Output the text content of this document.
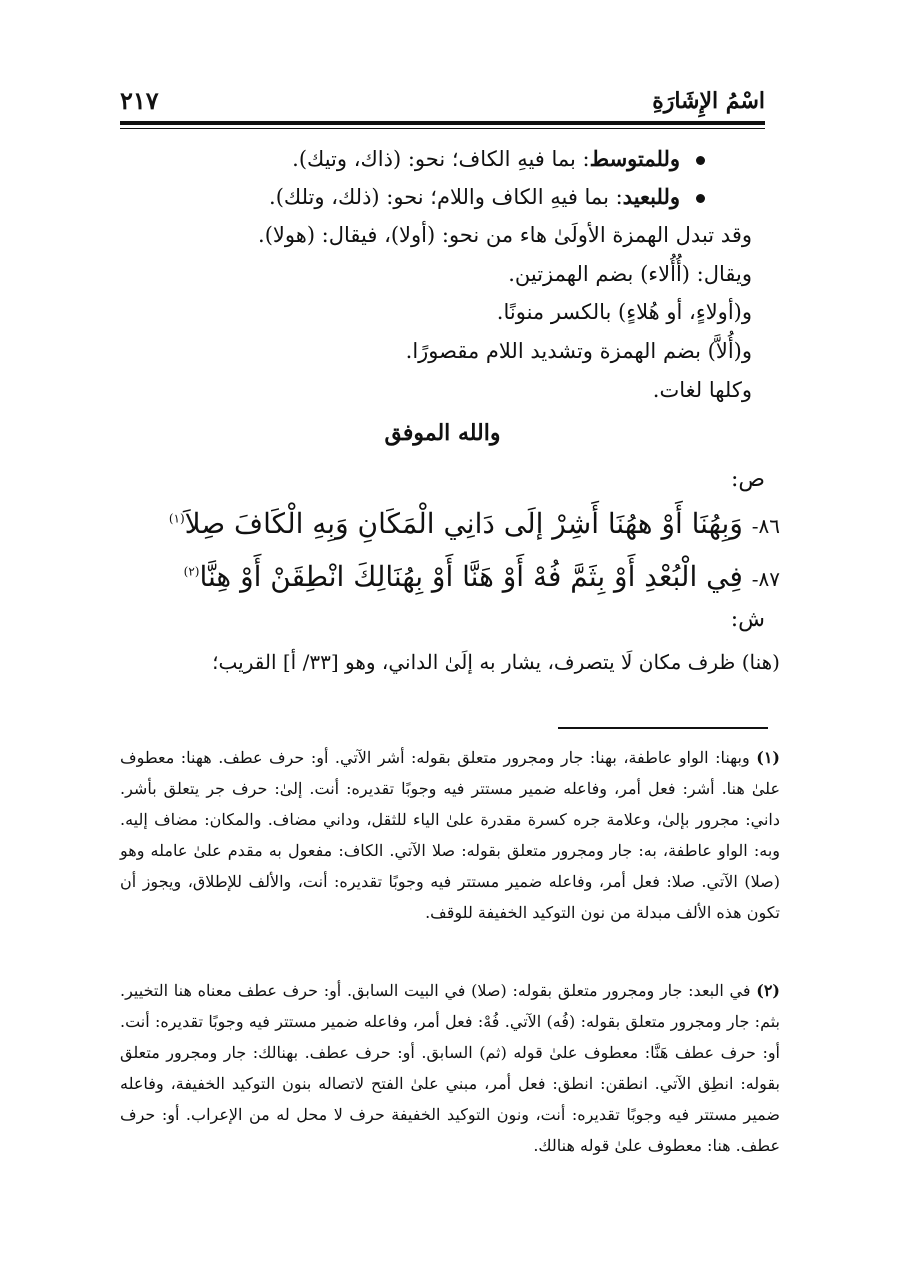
اسْمُ الإِشَارَةِ
٢١٧
وللمتوسط: بما فيهِ الكاف؛ نحو: (ذاك، وتيك).
وللبعيد: بما فيهِ الكاف واللام؛ نحو: (ذلك، وتلك).
وقد تبدل الهمزة الأولَىٰ هاء من نحو: (أولا)، فيقال: (هولا).
ويقال: (أُأُلاء) بضم الهمزتين.
و(أولاءٍ، أو هُلاءٍ) بالكسر منونًا.
و(أُلاَّ) بضم الهمزة وتشديد اللام مقصورًا.
وكلها لغات.
والله الموفق
ص:
٨٦- وَبِهُنَا أَوْ ههُنَا أَشِرْ إلَى دَانِي الْمَكَانِ وَبِهِ الْكَافَ صِلاَ$^{(١)}$
٨٧- فِي الْبُعْدِ أَوْ بِثَمَّ فُهْ أَوْ هَنَّا أَوْ بِهُنَالِكَ انْطِقَنْ أَوْ هِنَّا$^{(٢)}$
ش:
(هنا) ظرف مكان لَا يتصرف، يشار به إلَىٰ الداني، وهو [٣٣/ أ] القريب؛
(١) وبهنا: الواو عاطفة، بهنا: جار ومجرور متعلق بقوله: أشر الآتي. أو: حرف عطف. ههنا: معطوف علىٰ هنا. أشر: فعل أمر، وفاعله ضمير مستتر فيه وجوبًا تقديره: أنت. إلىٰ: حرف جر يتعلق بأشر. داني: مجرور بإلىٰ، وعلامة جره كسرة مقدرة علىٰ الياء للثقل، وداني مضاف. والمكان: مضاف إليه. وبه: الواو عاطفة، به: جار ومجرور متعلق بقوله: صلا الآتي. الكاف: مفعول به مقدم علىٰ عامله وهو (صلا) الآتي. صلا: فعل أمر، وفاعله ضمير مستتر فيه وجوبًا تقديره: أنت، والألف للإطلاق، ويجوز أن تكون هذه الألف مبدلة من نون التوكيد الخفيفة للوقف.
(٢) في البعد: جار ومجرور متعلق بقوله: (صلا) في البيت السابق. أو: حرف عطف معناه هنا التخيير. بثم: جار ومجرور متعلق بقوله: (فُه) الآتي. فُهْ: فعل أمر، وفاعله ضمير مستتر فيه وجوبًا تقديره: أنت. أو: حرف عطف هَنَّا: معطوف علىٰ قوله (ثم) السابق. أو: حرف عطف. بهنالك: جار ومجرور متعلق بقوله: انطِق الآتي. انطقن: انطق: فعل أمر، مبني علىٰ الفتح لاتصاله بنون التوكيد الخفيفة، وفاعله ضمير مستتر فيه وجوبًا تقديره: أنت، ونون التوكيد الخفيفة حرف لا محل له من الإعراب. أو: حرف عطف. هنا: معطوف علىٰ قوله هنالك.
